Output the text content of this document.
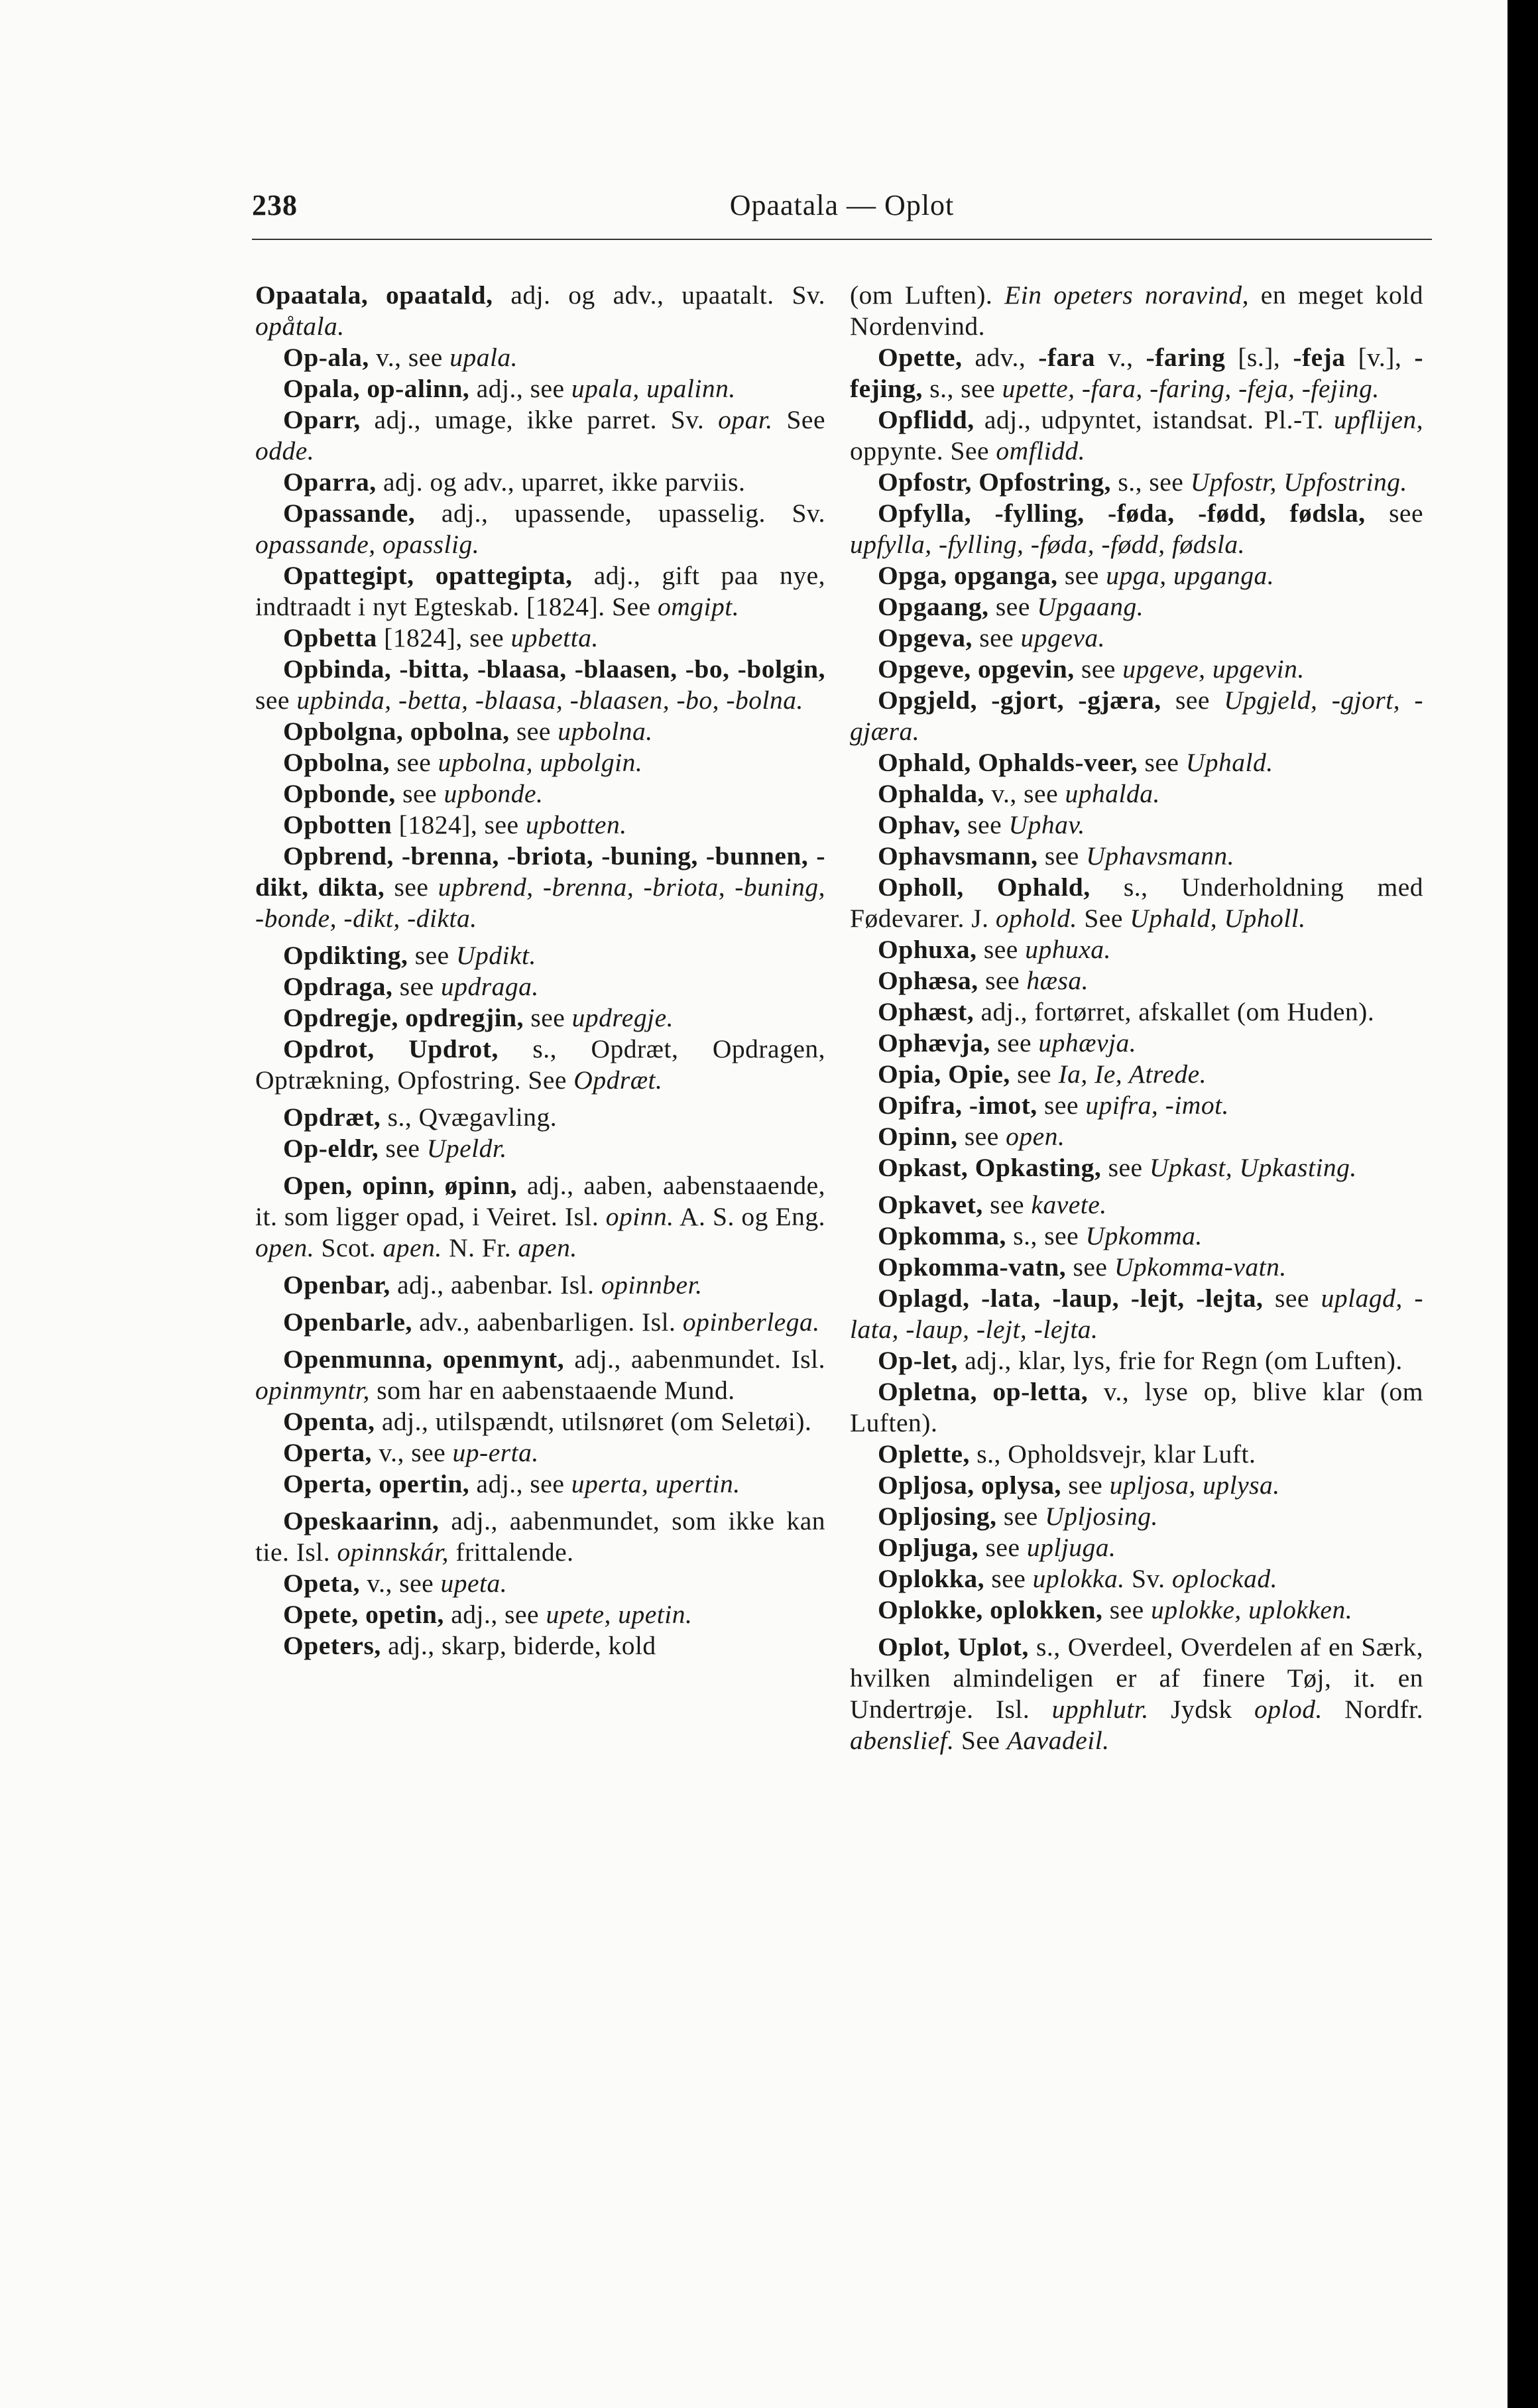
238	Opaatala — Oplot

Opaatala, opaatald, adj. og adv., upaatalt. Sv. opåtala.

Op-ala, v., see upala.

Opala, op-alinn, adj., see upala, upalinn.

Oparr, adj., umage, ikke parret. Sv. opar. See odde.

Oparra, adj. og adv., uparret, ikke parviis.

Opassande, adj., upassende, upasselig. Sv. opassande, opasslig.

Opattegipt, opattegipta, adj., gift paa nye, indtraadt i nyt Egteskab. [1824]. See omgipt.

Opbetta [1824], see upbetta.

Opbinda, -bitta, -blaasa, -blaasen, -bo, -bolgin, see upbinda, -betta, -blaasa, -blaasen, -bo, -bolna.

Opbolgna, opbolna, see upbolna.

Opbolna, see upbolna, upbolgin.

Opbonde, see upbonde.

Opbotten [1824], see upbotten.

Opbrend, -brenna, -briota, -buning, -bunnen, -dikt, dikta, see upbrend, -brenna, -briota, -buning, -bonde, -dikt, -dikta.

Opdikting, see Updikt.

Opdraga, see updraga.

Opdregje, opdregjin, see updregje.

Opdrot, Updrot, s., Opdræt, Opdragen, Optrækning, Opfostring. See Opdræt.

Opdræt, s., Qvægavling.

Op-eldr, see Upeldr.

Open, opinn, øpinn, adj., aaben, aabenstaaende, it. som ligger opad, i Veiret. Isl. opinn. A. S. og Eng. open. Scot. apen. N. Fr. apen.

Openbar, adj., aabenbar. Isl. opinnber.

Openbarle, adv., aabenbarligen. Isl. opinberlega.

Openmunna, openmynt, adj., aabenmundet. Isl. opinmyntr, som har en aabenstaaende Mund.

Openta, adj., utilspændt, utilsnøret (om Seletøi).

Operta, v., see up-erta.

Operta, opertin, adj., see uperta, upertin.

Opeskaarinn, adj., aabenmundet, som ikke kan tie. Isl. opinnskár, frittalende.

Opeta, v., see upeta.

Opete, opetin, adj., see upete, upetin.

Opeters, adj., skarp, biderde, kold

(om Luften). Ein opeters noravind, en meget kold Nordenvind.

Opette, adv., -fara v., -faring [s.], -feja [v.], -fejing, s., see upette, -fara, -faring, -feja, -fejing.

Opflidd, adj., udpyntet, istandsat. Pl.-T. upflijen, oppynte. See omflidd.

Opfostr, Opfostring, s., see Upfostr, Upfostring.

Opfylla, -fylling, -føda, -fødd, fødsla, see upfylla, -fylling, -føda, -fødd, fødsla.

Opga, opganga, see upga, upganga.

Opgaang, see Upgaang.

Opgeva, see upgeva.

Opgeve, opgevin, see upgeve, upgevin.

Opgjeld, -gjort, -gjæra, see Upgjeld, -gjort, -gjæra.

Ophald, Ophalds-veer, see Uphald.

Ophalda, v., see uphalda.

Ophav, see Uphav.

Ophavsmann, see Uphavsmann.

Opholl, Ophald, s., Underholdning med Fødevarer. J. ophold. See Uphald, Upholl.

Ophuxa, see uphuxa.

Ophæsa, see hæsa.

Ophæst, adj., fortørret, afskallet (om Huden).

Ophævja, see uphævja.

Opia, Opie, see Ia, Ie, Atrede.

Opifra, -imot, see upifra, -imot.

Opinn, see open.

Opkast, Opkasting, see Upkast, Upkasting.

Opkavet, see kavete.

Opkomma, s., see Upkomma.

Opkomma-vatn, see Upkomma-vatn.

Oplagd, -lata, -laup, -lejt, -lejta, see uplagd, -lata, -laup, -lejt, -lejta.

Op-let, adj., klar, lys, frie for Regn (om Luften).

Opletna, op-letta, v., lyse op, blive klar (om Luften).

Oplette, s., Opholdsvejr, klar Luft.

Opljosa, oplysa, see upljosa, uplysa.

Opljosing, see Upljosing.

Opljuga, see upljuga.

Oplokka, see uplokka. Sv. oplockad.

Oplokke, oplokken, see uplokke, uplokken.

Oplot, Uplot, s., Overdeel, Overdelen af en Særk, hvilken almindeligen er af finere Tøj, it. en Undertrøje. Isl. upphlutr. Jydsk oplod. Nordfr. abenslief. See Aavadeil.
